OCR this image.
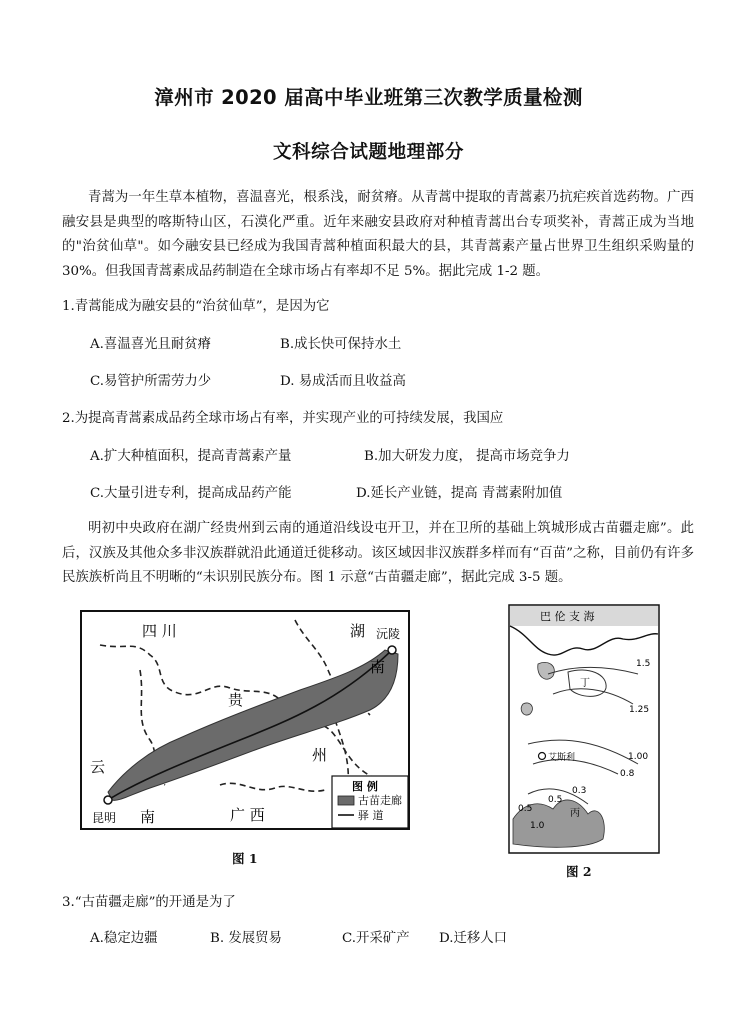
漳州市 2020 届高中毕业班第三次教学质量检测
文科综合试题地理部分

青蒿为一年生草本植物，喜温喜光，根系浅，耐贫瘠。从青蒿中提取的青蒿素乃抗疟疾首选药物。广西融安县是典型的喀斯特山区，石漠化严重。近年来融安县政府对种植青蒿出台专项奖补，青蒿正成为当地的"治贫仙草"。如今融安县已经成为我国青蒿种植面积最大的县，其青蒿素产量占世界卫生组织采购量的 30%。但我国青蒿素成品药制造在全球市场占有率却不足 5%。据此完成 1-2 题。

1.青蒿能成为融安县的“治贫仙草”，是因为它
A.喜温喜光且耐贫瘠	B.成长快可保持水土
C.易管护所需劳力少	D. 易成活而且收益高
2.为提高青蒿素成品药全球市场占有率，并实现产业的可持续发展，我国应
A.扩大种植面积，提高青蒿素产量	B.加大研发力度， 提高市场竞争力
C.大量引进专利，提高成品药产能	D.延长产业链，提高 青蒿素附加值

明初中央政府在湖广经贵州到云南的通道沿线设屯开卫，并在卫所的基础上筑城形成古苗疆走廊”。此后，汉族及其他众多非汉族群就沿此通道迁徙移动。该区域因非汉族群多样而有“百苗”之称，目前仍有许多民族族析尚且不明晰的“未识别民族分布。图 1 示意“古苗疆走廊”，据此完成 3-5 题。

沅陵
昆明
四 川	湖
南
贵
州
云
南	广 西
图 例
古苗走廊
驿 道
图 1
巴 伦 支 海
丁
艾斯利
丙
1.5
1.25
1.00
0.8
0.5
0.3
0.5
1.0
图 2
3.“古苗疆走廊”的开通是为了
A.稳定边疆	B. 发展贸易	C.开采矿产 D.迁移人口
